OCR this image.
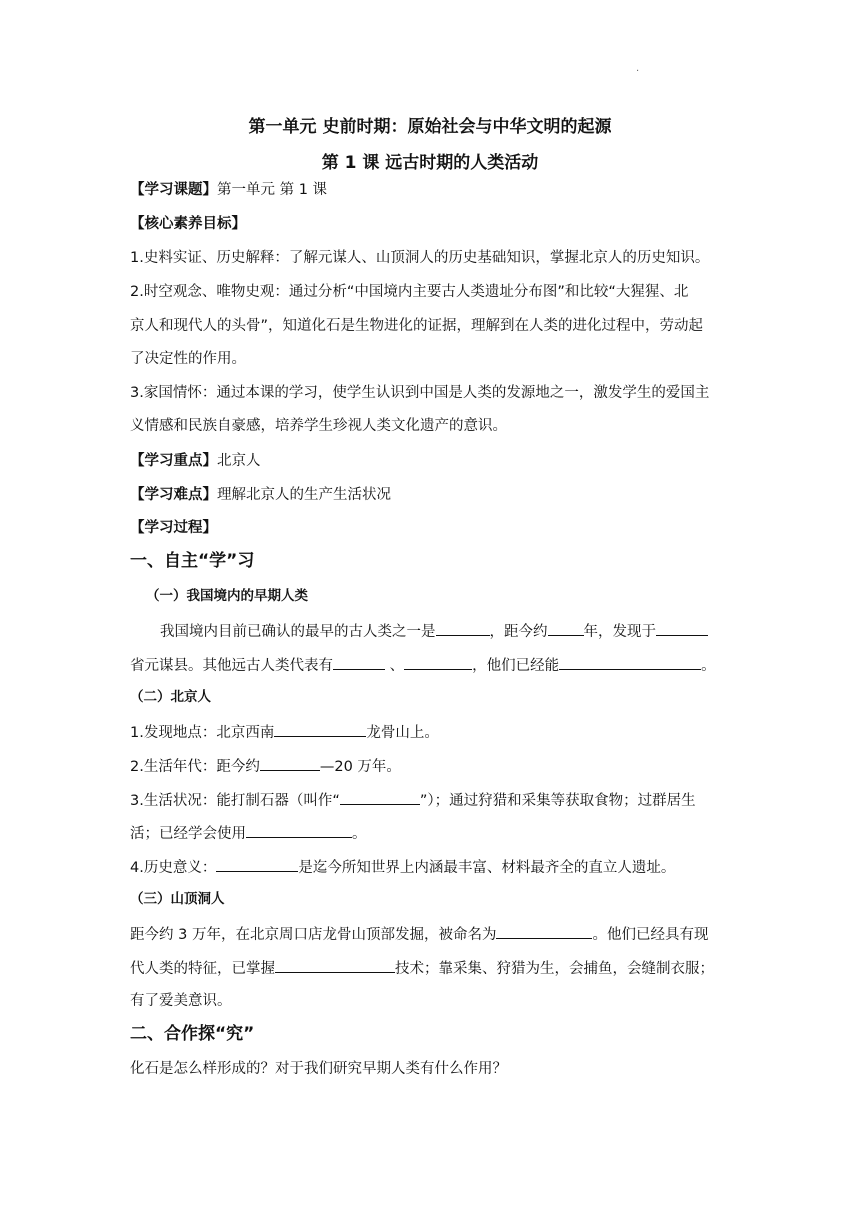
·
第一单元 史前时期：原始社会与中华文明的起源
第 1 课 远古时期的人类活动
【学习课题】第一单元 第 1 课
【核心素养目标】
1.史料实证、历史解释：了解元谋人、山顶洞人的历史基础知识，掌握北京人的历史知识。
2.时空观念、唯物史观：通过分析“中国境内主要古人类遗址分布图”和比较“大猩猩、北
京人和现代人的头骨”，知道化石是生物进化的证据，理解到在人类的进化过程中，劳动起
了决定性的作用。
3.家国情怀：通过本课的学习，使学生认识到中国是人类的发源地之一，激发学生的爱国主
义情感和民族自豪感，培养学生珍视人类文化遗产的意识。
【学习重点】北京人
【学习难点】理解北京人的生产生活状况
【学习过程】
一、自主“学”习
（一）我国境内的早期人类
我国境内目前已确认的最早的古人类之一是	，距今约 年，发现于
省元谋县。其他远古人类代表有	、	，他们已经能	。
（二）北京人
1.发现地点：北京西南	龙骨山上。
2.生活年代：距今约	—20 万年。
3.生活状况：能打制石器（叫作“	”）；通过狩猎和采集等获取食物；过群居生
活；已经学会使用	。
4.历史意义：	是迄今所知世界上内涵最丰富、材料最齐全的直立人遗址。
（三）山顶洞人
距今约 3 万年，在北京周口店龙骨山顶部发掘，被命名为	。他们已经具有现
代人类的特征，已掌握	技术；靠采集、狩猎为生，会捕鱼，会缝制衣服；
有了爱美意识。
二、合作探“究”
化石是怎么样形成的？对于我们研究早期人类有什么作用？
